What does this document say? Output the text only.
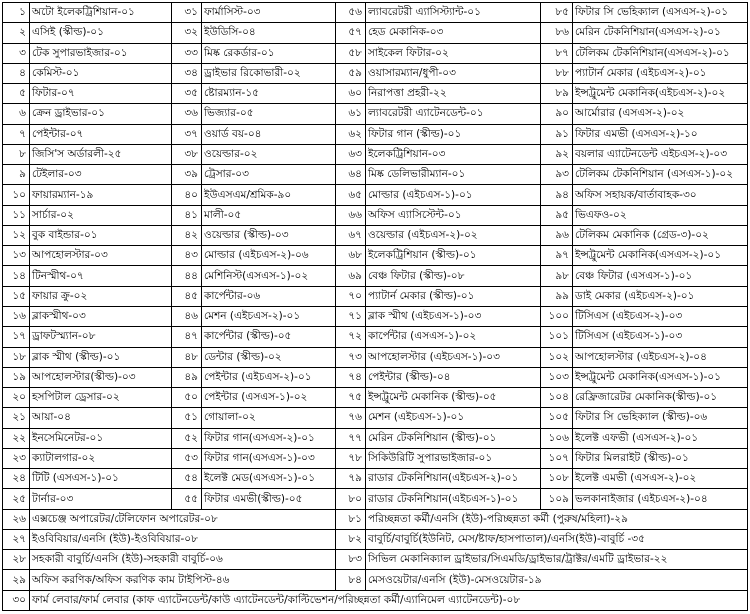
১	অটো ইলেকট্রিশিয়ান-০১	৩১	ফার্মাসিস্ট-০৩	৫৬	ল্যাবরেটরী এ্যাসিস্ট্যান্ট-০১	৮৫	ফিটার সি ভেহিক্যাল (এসএস-২)-০১
২	এসিই (স্কীল্ড)-০১	৩২	ইউডিসি-০৪	৫৭	হেড মেকানিক-০৩	৮৬	মেরিন টেকনিশিয়ান(এসএস-২)-০১
৩	টেক সুপারভাইজার-০১	৩৩	মিষ্ক রেকর্ডার-০১	৫৮	সাইকেল ফিটার-০২	৮৭	টেলিকম টেকনিশিয়ান(এসএস-২)-০১
৪	কেমিস্ট-০১	৩৪	ড্রাইভার রিকোভারী-০২	৫৯	ওয়াসারম্যান/ধুপী-০৩	৮৮	প্যাটার্ন মেকার (এইচএস-২)-০১
৫	ফিটার-০৭	৩৫	ষ্টোরম্যান-১৫	৬০	নিরাপত্তা প্রহরী-২২	৮৯	ইন্সট্রুমেন্ট মেকানিক(এইচএস-২)-০২
৬	ক্রেন ড্রাইভার-০১	৩৬	ভিজ্যার-০৫	৬১	ল্যাবরেটরী এ্যাটেনডেন্ট-০১	৯০	আর্মোরার (এসএস-২)-০২
৭	পেইন্টার-০৭	৩৭	ওয়ার্ড বয়-০৪	৬২	ফিটার গান (স্কীল্ড)-০১	৯১	ফিটার এমভী (এসএস-২)-১০
৮	জিসি'স অর্ডারলী-২৫	৩৮	ওয়েল্ডার-০২	৬৩	ইলেকট্রিশিয়ান-০৩	৯২	বয়লার এ্যাটেনডেন্ট এইচএস-২)-০৩
৯	টেইলার-০৩	৩৯	ট্রেসার-০৩	৬৪	মিষ্ক ডেলিভারীম্যান-০১	৯৩	টেলিকম টেকনিশিয়ান (এসএস-১)-০২
১০	ফায়ারম্যান-১৯	৪০	ইউএসএম/শ্রমিক-৯০	৬৫	মোল্ডার (এইচএস-১)-০১	৯৪	অফিস সহায়ক/বার্তাবাহক-৩০
১১	সার্চার-০২	৪১	মালী-০৫	৬৬	অফিস এ্যাসিস্টেন্ট-০১	৯৫	ভিএফও-০২
১২	বুক বাইন্ডার-০১	৪২	ওয়েল্ডার (স্কীল্ড)-০৩	৬৭	ওয়েল্ডার (এইচএস-২)-০২	৯৬	টেলিকম মেকানিক (গ্রেড-৩)-০২
১৩	আপহোলস্টার-০৩	৪৩	মোল্ডার (এইচএস-২)-০৬	৬৮	ইলেকট্রিশিয়ান (স্কীল্ড)-০১	৯৭	ইন্সট্রুমেন্ট মেকানিক(এসএস-২)-০১
১৪	টিনস্মীথ-০৭	৪৪	মেশিনিস্ট(এসএস-১)-০২	৬৯	বেঞ্চ ফিটার (স্কীল্ড)-০৮	৯৮	বেঞ্চ ফিটার (এসএস-১)-০১
১৫	ফায়ার ক্রু-০২	৪৫	কার্পেন্টার-০৬	৭০	প্যাটার্ন মেকার (স্কীল্ড)-০১	৯৯	ডাই মেকার (এইচএস-২)-০১
১৬	ব্লাকস্মীথ-০৩	৪৬	মেশন (এইচএস-২)-০১	৭১	ব্লাক স্মীথ (এইচএস-১)-০৩	১০০	টিসিএস (এইচএস-২)-০৩
১৭	ড্রাফটস্ম্যান-০৮	৪৭	কার্পেন্টার (স্কীল্ড)-০৫	৭২	কার্পেন্টার (এসএস-১)-০২	১০১	টিসিএস (এইচএস-১)-০৩
১৮	ব্লাক স্মীথ (স্কীল্ড)-০১	৪৮	ডেন্টার (স্কীল্ড)-০২	৭৩	আপহোলস্টার (এইচএস-১)-০৩	১০২	আপহোলস্টার (এইচএস-২)-০৪
১৯	আপহোলস্টার(স্কীল্ড)-০৩	৪৯	পেইন্টার (এইচএস-২)-০১	৭৪	পেইন্টার (স্কীল্ড)-০৪	১০৩	ইন্সট্রুমেন্ট মেকানিক(এসএস-১)-০১
২০	হসপিটাল ড্রেসার-০২	৫০	পেইন্টার (এসএস-১)-০২	৭৫	ইন্সট্রুমেন্ট মেকানিক (স্কীল্ড)-০৫	১০৪	রেফ্রিজারেটর মেকানিক(স্কীল্ড)-০১
২১	আয়া-০৪	৫১	গোয়ালা-০২	৭৬	মেশন (এইচএস-১)-০১	১০৫	ফিটার সি ভেহিক্যাল (স্কীল্ড)-০৬
২২	ইনসেমিনেটর-০১	৫২	ফিটার গান(এসএস-২)-০১	৭৭	মেরিন টেকনিশিয়ান (স্কীল্ড)-০১	১০৬	ইলেক্ট এফভী (এসএস-২)-০১
২৩	ক্যাটালগার-০২	৫৩	ফিটার গান(এসএস-১)-০৩	৭৮	সিকিউরিটি সুপারভাইজার-০১	১০৭	ফিটার মিলরাইট (স্কীল্ড)-০১
২৪	টিটি (এসএস-১)-০১	৫৪	ইলেক্ট মেড(এসএস-১)-০১	৭৯	রাডার টেকনিশিয়ান(এইচএস-২)-০১	১০৮	ইলেক্ট এমভী (এসএস-২)-০২
২৫	টার্নার-০৩	৫৫	ফিটার এমভী(স্কীল্ড)-০৫	৮০	রাডার টেকনিশিয়ান(এইচএস-১)-০১	১০৯	ভলকানাইজার (এইচএস-২)-০৪
২৬	এক্সচেঞ্জ অপারেটর/টেলিফোন অপারেটর-০৮			৮১	পরিচ্ছন্নতা কর্মী/এনসি (ইউ)-পরিচ্ছন্নতা কর্মী (পুরুষ/মহিলা)-২৯		
২৭	ইওবিবিয়ার/এনসি (ইউ)-ইওবিবিয়ার-০৮			৮২	বাবুর্চি/বাবুর্চি(ইউনিট, মেস/ষ্টাফ/হাসপাতাল)/এনসি(ইউ)-বাবুর্চি -৩৫		
২৮	সহকারী বাবুর্চি/এনসি (ইউ)-সহকারী বাবুর্চি-০৬			৮৩	সিভিল মেকানিক্যাল ড্রাইভার/সিএমডি/ড্রাইভার/ট্রাক্টর/এমটি ড্রাইভার-২২		
২৯	অফিস করণিক/অফিস করণিক কাম টাইপিস্ট-৪৬			৮৪	মেসওয়েটার/এনসি (ইউ)-মেসওয়েটার-১৯		
৩০	ফার্ম লেবার/ফার্ম লেবার (কাফ এ্যাটেনডেন্ট/কাউ এ্যাটেনডেন্ট/কাল্টিভেশন/পরিচ্ছন্নতা কর্মী/এ্যানিমেল এ্যাটেনডেন্ট)-০৮						
